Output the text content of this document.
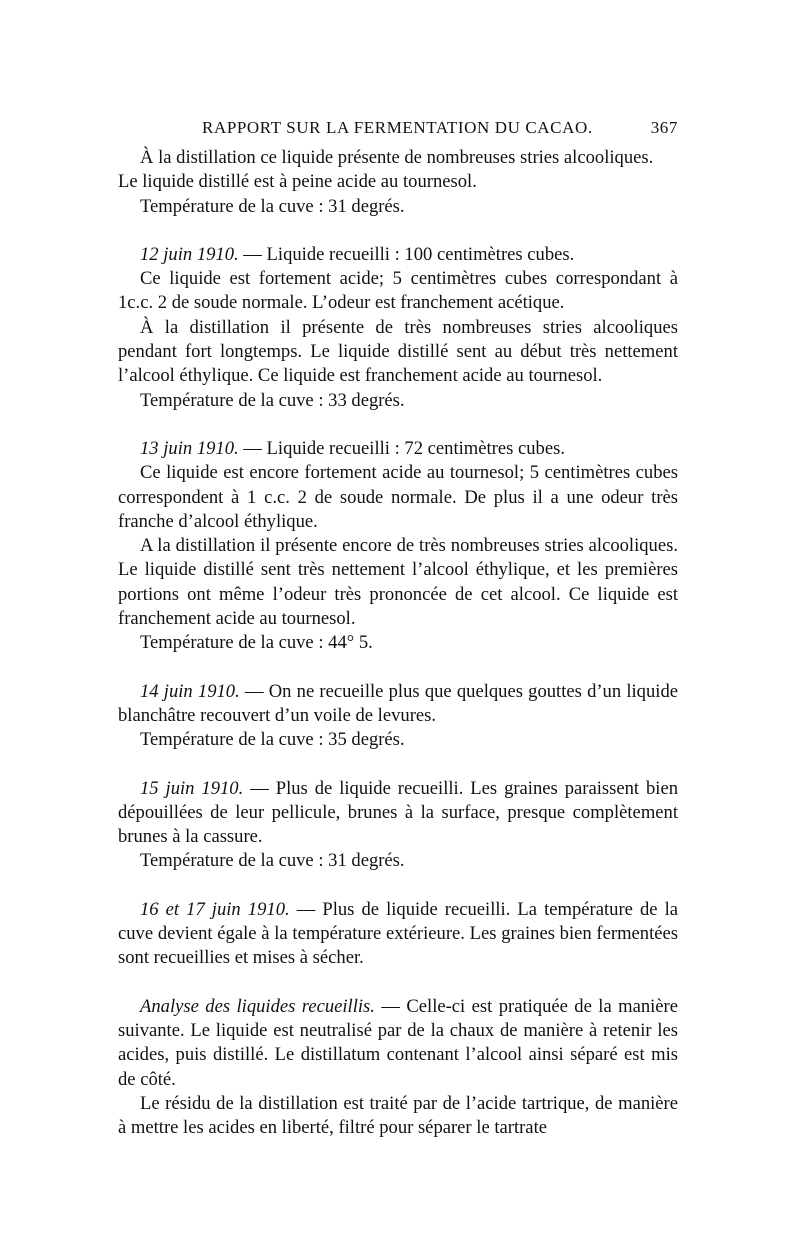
RAPPORT SUR LA FERMENTATION DU CACAO.	367

À la distillation ce liquide présente de nombreuses stries alcooliques.

Le liquide distillé est à peine acide au tournesol.

Température de la cuve : 31 degrés.

12 juin 1910. — Liquide recueilli : 100 centimètres cubes.

Ce liquide est fortement acide; 5 centimètres cubes correspondant à 1c.c. 2 de soude normale. L’odeur est franchement acétique.

À la distillation il présente de très nombreuses stries alcooliques pendant fort longtemps. Le liquide distillé sent au début très nettement l’alcool éthylique. Ce liquide est franchement acide au tournesol.

Température de la cuve : 33 degrés.

13 juin 1910. — Liquide recueilli : 72 centimètres cubes.

Ce liquide est encore fortement acide au tournesol; 5 centimètres cubes correspondent à 1 c.c. 2 de soude normale. De plus il a une odeur très franche d’alcool éthylique.

A la distillation il présente encore de très nombreuses stries alcooliques. Le liquide distillé sent très nettement l’alcool éthylique, et les premières portions ont même l’odeur très prononcée de cet alcool. Ce liquide est franchement acide au tournesol.

Température de la cuve : 44° 5.

14 juin 1910. — On ne recueille plus que quelques gouttes d’un liquide blanchâtre recouvert d’un voile de levures.

Température de la cuve : 35 degrés.

15 juin 1910. — Plus de liquide recueilli. Les graines paraissent bien dépouillées de leur pellicule, brunes à la surface, presque complètement brunes à la cassure.

Température de la cuve : 31 degrés.

16 et 17 juin 1910. — Plus de liquide recueilli. La température de la cuve devient égale à la température extérieure. Les graines bien fermentées sont recueillies et mises à sécher.

Analyse des liquides recueillis. — Celle-ci est pratiquée de la manière suivante. Le liquide est neutralisé par de la chaux de manière à retenir les acides, puis distillé. Le distillatum contenant l’alcool ainsi séparé est mis de côté.

Le résidu de la distillation est traité par de l’acide tartrique, de manière à mettre les acides en liberté, filtré pour séparer le tartrate
